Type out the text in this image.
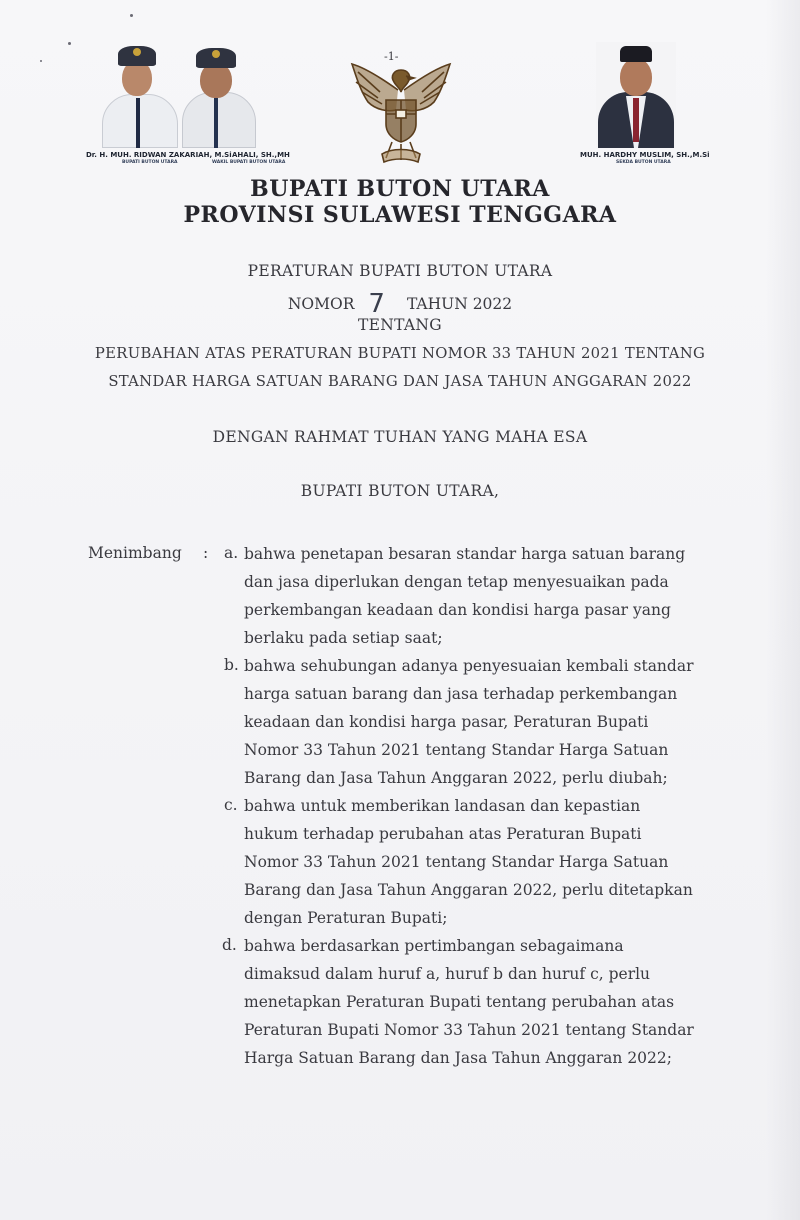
Dr. H. MUH. RIDWAN ZAKARIAH, M.Si
BUPATI BUTON UTARA
AHALI, SH.,MH
WAKIL BUPATI BUTON UTARA
MUH. HARDHY MUSLIM, SH.,M.Si
SEKDA BUTON UTARA
-1-
BUPATI BUTON UTARA
PROVINSI SULAWESI TENGGARA
PERATURAN BUPATI BUTON UTARA
NOMOR 7 TAHUN 2022
TENTANG
PERUBAHAN ATAS PERATURAN BUPATI NOMOR 33 TAHUN 2021 TENTANG
STANDAR HARGA SATUAN BARANG DAN JASA TAHUN ANGGARAN 2022
DENGAN RAHMAT TUHAN YANG MAHA ESA
BUPATI BUTON UTARA,
Menimbang : a. bahwa penetapan besaran standar harga satuan barang
dan jasa diperlukan dengan tetap menyesuaikan pada
perkembangan keadaan dan kondisi harga pasar yang
berlaku pada setiap saat;
b. bahwa sehubungan adanya penyesuaian kembali standar
harga satuan barang dan jasa terhadap perkembangan
keadaan dan kondisi harga pasar, Peraturan Bupati
Nomor 33 Tahun 2021 tentang Standar Harga Satuan
Barang dan Jasa Tahun Anggaran 2022, perlu diubah;
c. bahwa untuk memberikan landasan dan kepastian
hukum terhadap perubahan atas Peraturan Bupati
Nomor 33 Tahun 2021 tentang Standar Harga Satuan
Barang dan Jasa Tahun Anggaran 2022, perlu ditetapkan
dengan Peraturan Bupati;
d. bahwa berdasarkan pertimbangan sebagaimana
dimaksud dalam huruf a, huruf b dan huruf c, perlu
menetapkan Peraturan Bupati tentang perubahan atas
Peraturan Bupati Nomor 33 Tahun 2021 tentang Standar
Harga Satuan Barang dan Jasa Tahun Anggaran 2022;
